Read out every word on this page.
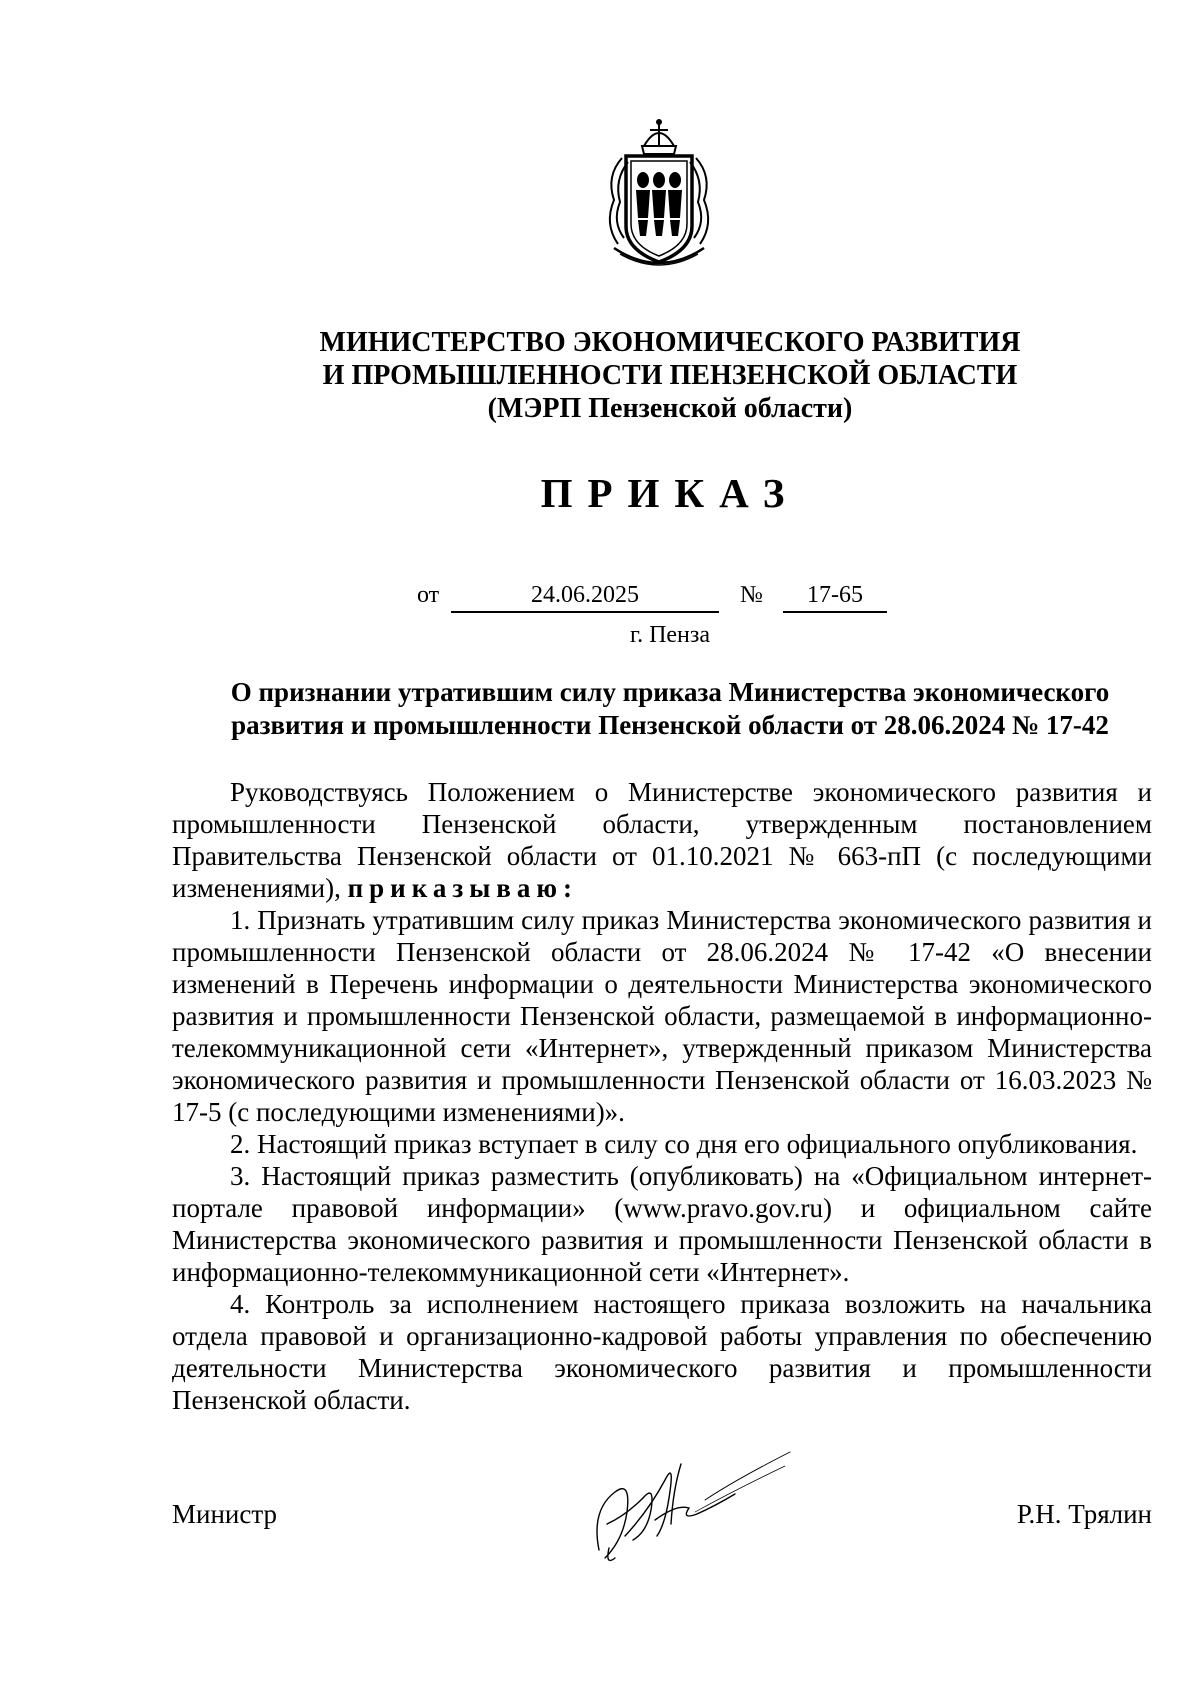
МИНИСТЕРСТВО ЭКОНОМИЧЕСКОГО РАЗВИТИЯ
И ПРОМЫШЛЕННОСТИ ПЕНЗЕНСКОЙ ОБЛАСТИ
(МЭРП Пензенской области)
ПРИКАЗ
от	24.06.2025	№	17-65
г. Пенза
О признании утратившим силу приказа Министерства экономического
развития и промышленности Пензенской области от 28.06.2024 № 17-42

Руководствуясь Положением о Министерстве экономического развития и промышленности Пензенской области, утвержденным постановлением Правительства Пензенской области от 01.10.2021 № 663-пП (с последующими изменениями), приказываю:

1. Признать утратившим силу приказ Министерства экономического развития и промышленности Пензенской области от 28.06.2024 № 17-42 «О внесении изменений в Перечень информации о деятельности Министерства экономического развития и промышленности Пензенской области, размещаемой в информационно-телекоммуникационной сети «Интернет», утвержденный приказом Министерства экономического развития и промышленности Пензенской области от 16.03.2023 № 17-5 (с последующими изменениями)».

2. Настоящий приказ вступает в силу со дня его официального опубликования.

3. Настоящий приказ разместить (опубликовать) на «Официальном интернет-портале правовой информации» (www.pravo.gov.ru) и официальном сайте Министерства экономического развития и промышленности Пензенской области в информационно-телекоммуникационной сети «Интернет».

4. Контроль за исполнением настоящего приказа возложить на начальника отдела правовой и организационно-кадровой работы управления по обеспечению деятельности Министерства экономического развития и промышленности Пензенской области.

Министр	Р.Н. Трялин
